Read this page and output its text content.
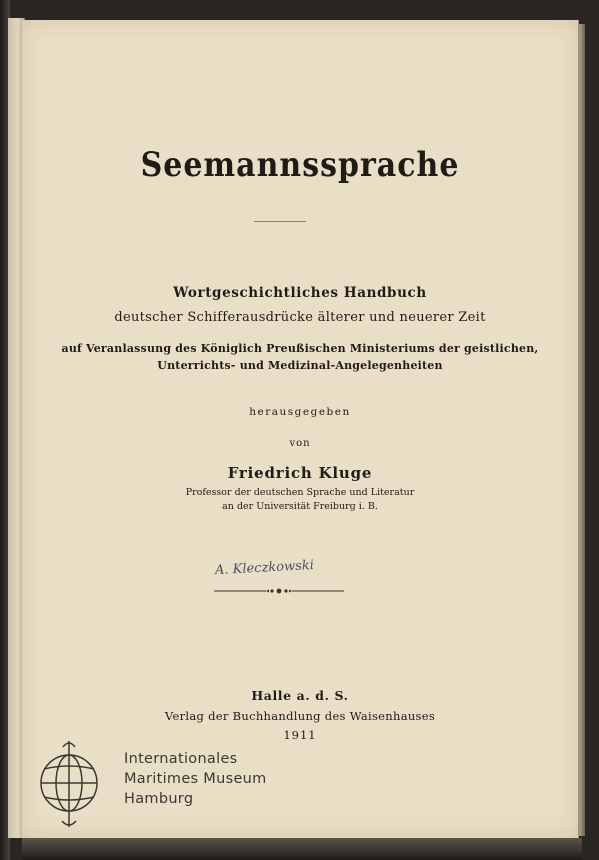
Seemannssprache
Wortgeschichtliches Handbuch
deutscher Schifferausdrücke älterer und neuerer Zeit
auf Veranlassung des Königlich Preußischen Ministeriums der geistlichen,
Unterrichts- und Medizinal-Angelegenheiten
herausgegeben
von
Friedrich Kluge
Professor der deutschen Sprache und Literatur
an der Universität Freiburg i. B.
A. Kleczkowski
Halle a. d. S.
Verlag der Buchhandlung des Waisenhauses
1911
Internationales
Maritimes Museum
Hamburg
